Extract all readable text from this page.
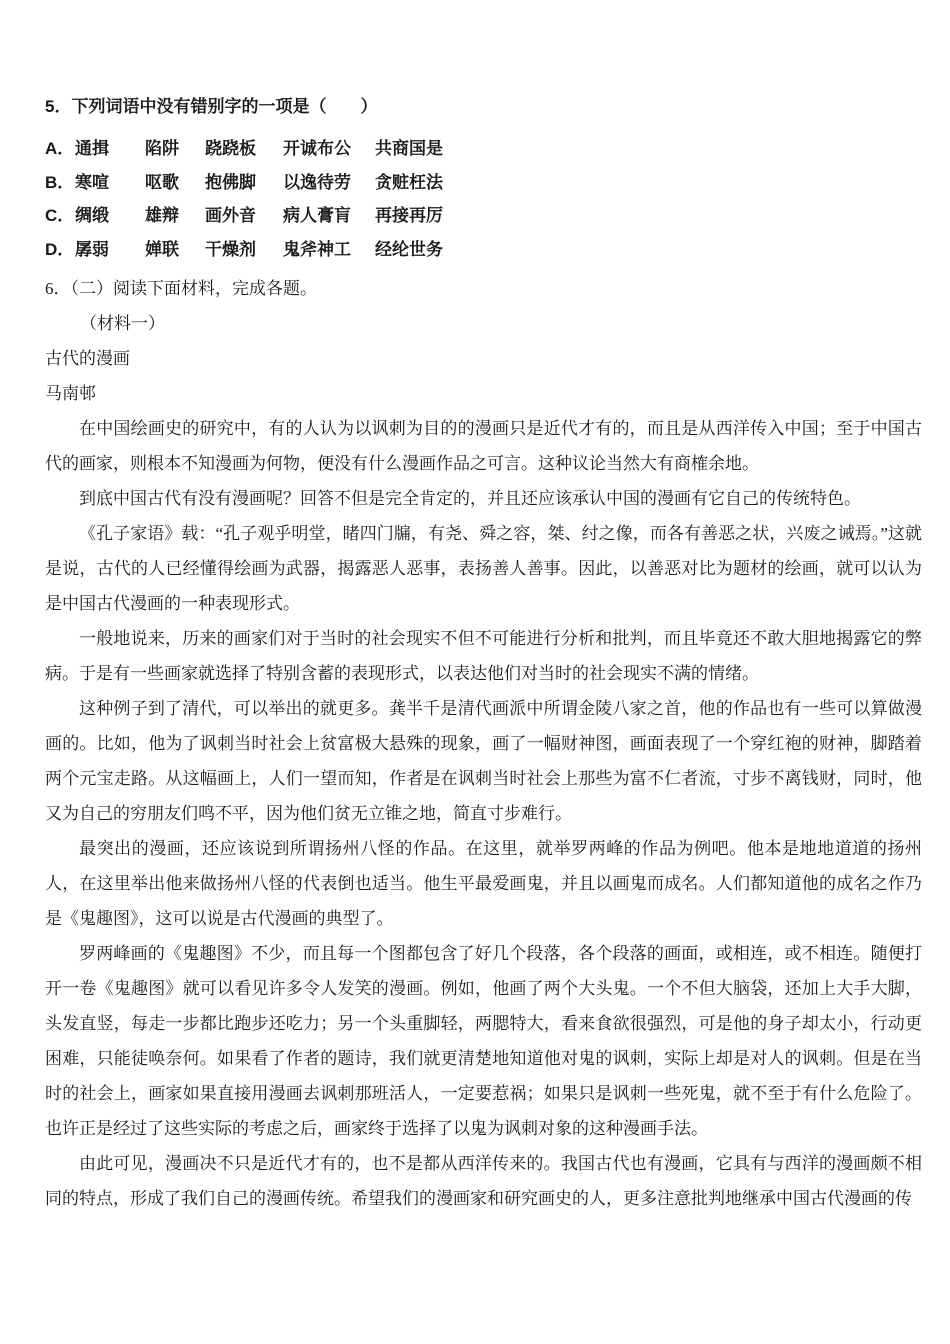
5．下列词语中没有错别字的一项是（　　）
A． 通揖	陷阱	跷跷板	开诚布公	共商国是
B． 寒喧	呕歌	抱佛脚	以逸待劳	贪赃枉法
C． 绸缎	雄辩	画外音	病人膏肓	再接再厉
D． 孱弱	婵联	干燥剂	鬼斧神工	经纶世务
6．（二）阅读下面材料，完成各题。
（材料一）
古代的漫画
马南邨

在中国绘画史的研究中，有的人认为以讽刺为目的的漫画只是近代才有的，而且是从西洋传入中国；至于中国古代的画家，则根本不知漫画为何物，便没有什么漫画作品之可言。这种议论当然大有商榷余地。

到底中国古代有没有漫画呢？回答不但是完全肯定的，并且还应该承认中国的漫画有它自己的传统特色。

《孔子家语》载：“孔子观乎明堂，睹四门牖，有尧、舜之容，桀、纣之像，而各有善恶之状，兴废之诫焉。”这就是说，古代的人已经懂得绘画为武器，揭露恶人恶事，表扬善人善事。因此，以善恶对比为题材的绘画，就可以认为是中国古代漫画的一种表现形式。

一般地说来，历来的画家们对于当时的社会现实不但不可能进行分析和批判，而且毕竟还不敢大胆地揭露它的弊病。于是有一些画家就选择了特别含蓄的表现形式，以表达他们对当时的社会现实不满的情绪。

这种例子到了清代，可以举出的就更多。龚半千是清代画派中所谓金陵八家之首，他的作品也有一些可以算做漫画的。比如，他为了讽刺当时社会上贫富极大悬殊的现象，画了一幅财神图，画面表现了一个穿红袍的财神，脚踏着两个元宝走路。从这幅画上，人们一望而知，作者是在讽刺当时社会上那些为富不仁者流，寸步不离钱财，同时，他又为自己的穷朋友们鸣不平，因为他们贫无立锥之地，简直寸步难行。

最突出的漫画，还应该说到所谓扬州八怪的作品。在这里，就举罗两峰的作品为例吧。他本是地地道道的扬州人，在这里举出他来做扬州八怪的代表倒也适当。他生平最爱画鬼，并且以画鬼而成名。人们都知道他的成名之作乃是《鬼趣图》，这可以说是古代漫画的典型了。

罗两峰画的《鬼趣图》不少，而且每一个图都包含了好几个段落，各个段落的画面，或相连，或不相连。随便打开一卷《鬼趣图》就可以看见许多令人发笑的漫画。例如，他画了两个大头鬼。一个不但大脑袋，还加上大手大脚，头发直竖，每走一步都比跑步还吃力；另一个头重脚轻，两腮特大，看来食欲很强烈，可是他的身子却太小，行动更困难，只能徒唤奈何。如果看了作者的题诗，我们就更清楚地知道他对鬼的讽刺，实际上却是对人的讽刺。但是在当时的社会上，画家如果直接用漫画去讽刺那班活人，一定要惹祸；如果只是讽刺一些死鬼，就不至于有什么危险了。也许正是经过了这些实际的考虑之后，画家终于选择了以鬼为讽刺对象的这种漫画手法。

由此可见，漫画决不只是近代才有的，也不是都从西洋传来的。我国古代也有漫画，它具有与西洋的漫画颇不相同的特点，形成了我们自己的漫画传统。希望我们的漫画家和研究画史的人，更多注意批判地继承中国古代漫画的传
